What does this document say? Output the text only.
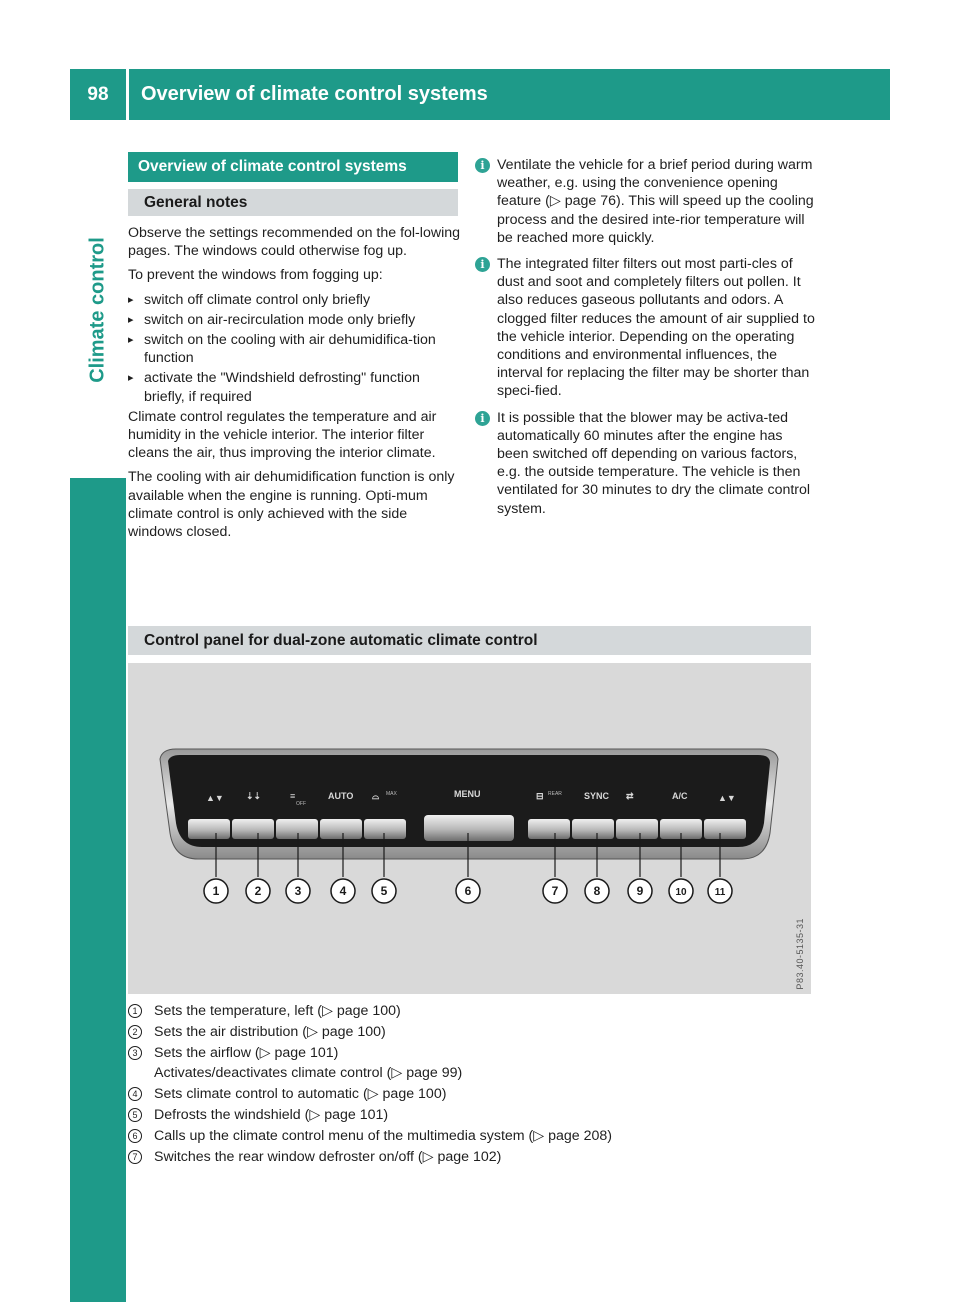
98	Overview of climate control systems
Climate control
Overview of climate control systems
General notes

Observe the settings recommended on the fol-lowing pages. The windows could otherwise fog up.

To prevent the windows from fogging up:

▸ switch off climate control only briefly
▸ switch on air-recirculation mode only briefly
▸ switch on the cooling with air dehumidifica-tion function
▸ activate the "Windshield defrosting" function briefly, if required

Climate control regulates the temperature and air humidity in the vehicle interior. The interior filter cleans the air, thus improving the interior climate.

The cooling with air dehumidification function is only available when the engine is running. Opti-mum climate control is only achieved with the side windows closed.

i Ventilate the vehicle for a brief period during warm weather, e.g. using the convenience opening feature (▷ page 76). This will speed up the cooling process and the desired inte-rior temperature will be reached more quickly.
i The integrated filter filters out most parti-cles of dust and soot and completely filters out pollen. It also reduces gaseous pollutants and odors. A clogged filter reduces the amount of air supplied to the vehicle interior. Depending on the operating conditions and environmental influences, the interval for replacing the filter may be shorter than speci-fied.
i It is possible that the blower may be activa-ted automatically 60 minutes after the engine has been switched off depending on various factors, e.g. the outside temperature. The vehicle is then ventilated for 30 minutes to dry the climate control system.
Control panel for dual-zone automatic climate control
▲▼ ⇣⇣	≡	AUTO ⌓	MENU	⊟	SYNC ⇄	A/C	▲▼
1	2	3	4	5	6	7	8	9	10	11
OFF
MAX	REAR
P83.40-5135-31
1	Sets the temperature, left (▷ page 100)
2	Sets the air distribution (▷ page 100)
3	Sets the airflow (▷ page 101)
Activates/deactivates climate control (▷ page 99)
4	Sets climate control to automatic (▷ page 100)
5	Defrosts the windshield (▷ page 101)
6	Calls up the climate control menu of the multimedia system (▷ page 208)
7	Switches the rear window defroster on/off (▷ page 102)
